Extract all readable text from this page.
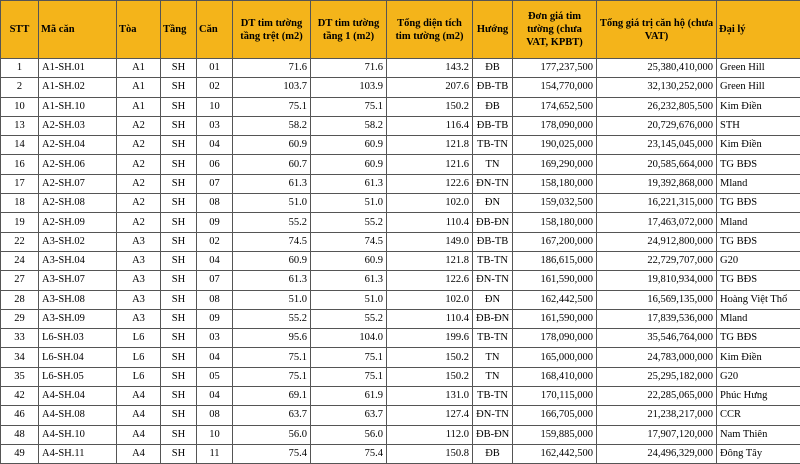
STT	Mã căn	Tòa	Tầng	Căn	DT tim tường tầng trệt (m2)	DT tim tường tầng 1 (m2)	Tổng diện tích tim tường (m2)	Hướng	Đơn giá tim tường (chưa VAT, KPBT)	Tổng giá trị căn hộ (chưa VAT)	Đại lý
1	A1-SH.01	A1	SH	01	71.6	71.6	143.2	ĐB	177,237,500	25,380,410,000	Green Hill
2	A1-SH.02	A1	SH	02	103.7	103.9	207.6	ĐB-TB	154,770,000	32,130,252,000	Green Hill
10	A1-SH.10	A1	SH	10	75.1	75.1	150.2	ĐB	174,652,500	26,232,805,500	Kim Điền
13	A2-SH.03	A2	SH	03	58.2	58.2	116.4	ĐB-TB	178,090,000	20,729,676,000	STH
14	A2-SH.04	A2	SH	04	60.9	60.9	121.8	TB-TN	190,025,000	23,145,045,000	Kim Điền
16	A2-SH.06	A2	SH	06	60.7	60.9	121.6	TN	169,290,000	20,585,664,000	TG BĐS
17	A2-SH.07	A2	SH	07	61.3	61.3	122.6	ĐN-TN	158,180,000	19,392,868,000	Mland
18	A2-SH.08	A2	SH	08	51.0	51.0	102.0	ĐN	159,032,500	16,221,315,000	TG BĐS
19	A2-SH.09	A2	SH	09	55.2	55.2	110.4	ĐB-ĐN	158,180,000	17,463,072,000	Mland
22	A3-SH.02	A3	SH	02	74.5	74.5	149.0	ĐB-TB	167,200,000	24,912,800,000	TG BĐS
24	A3-SH.04	A3	SH	04	60.9	60.9	121.8	TB-TN	186,615,000	22,729,707,000	G20
27	A3-SH.07	A3	SH	07	61.3	61.3	122.6	ĐN-TN	161,590,000	19,810,934,000	TG BĐS
28	A3-SH.08	A3	SH	08	51.0	51.0	102.0	ĐN	162,442,500	16,569,135,000	Hoàng Việt Thổ
29	A3-SH.09	A3	SH	09	55.2	55.2	110.4	ĐB-ĐN	161,590,000	17,839,536,000	Mland
33	L6-SH.03	L6	SH	03	95.6	104.0	199.6	TB-TN	178,090,000	35,546,764,000	TG BĐS
34	L6-SH.04	L6	SH	04	75.1	75.1	150.2	TN	165,000,000	24,783,000,000	Kim Điền
35	L6-SH.05	L6	SH	05	75.1	75.1	150.2	TN	168,410,000	25,295,182,000	G20
42	A4-SH.04	A4	SH	04	69.1	61.9	131.0	TB-TN	170,115,000	22,285,065,000	Phúc Hưng
46	A4-SH.08	A4	SH	08	63.7	63.7	127.4	ĐN-TN	166,705,000	21,238,217,000	CCR
48	A4-SH.10	A4	SH	10	56.0	56.0	112.0	ĐB-ĐN	159,885,000	17,907,120,000	Nam Thiên
49	A4-SH.11	A4	SH	11	75.4	75.4	150.8	ĐB	162,442,500	24,496,329,000	Đông Tây
